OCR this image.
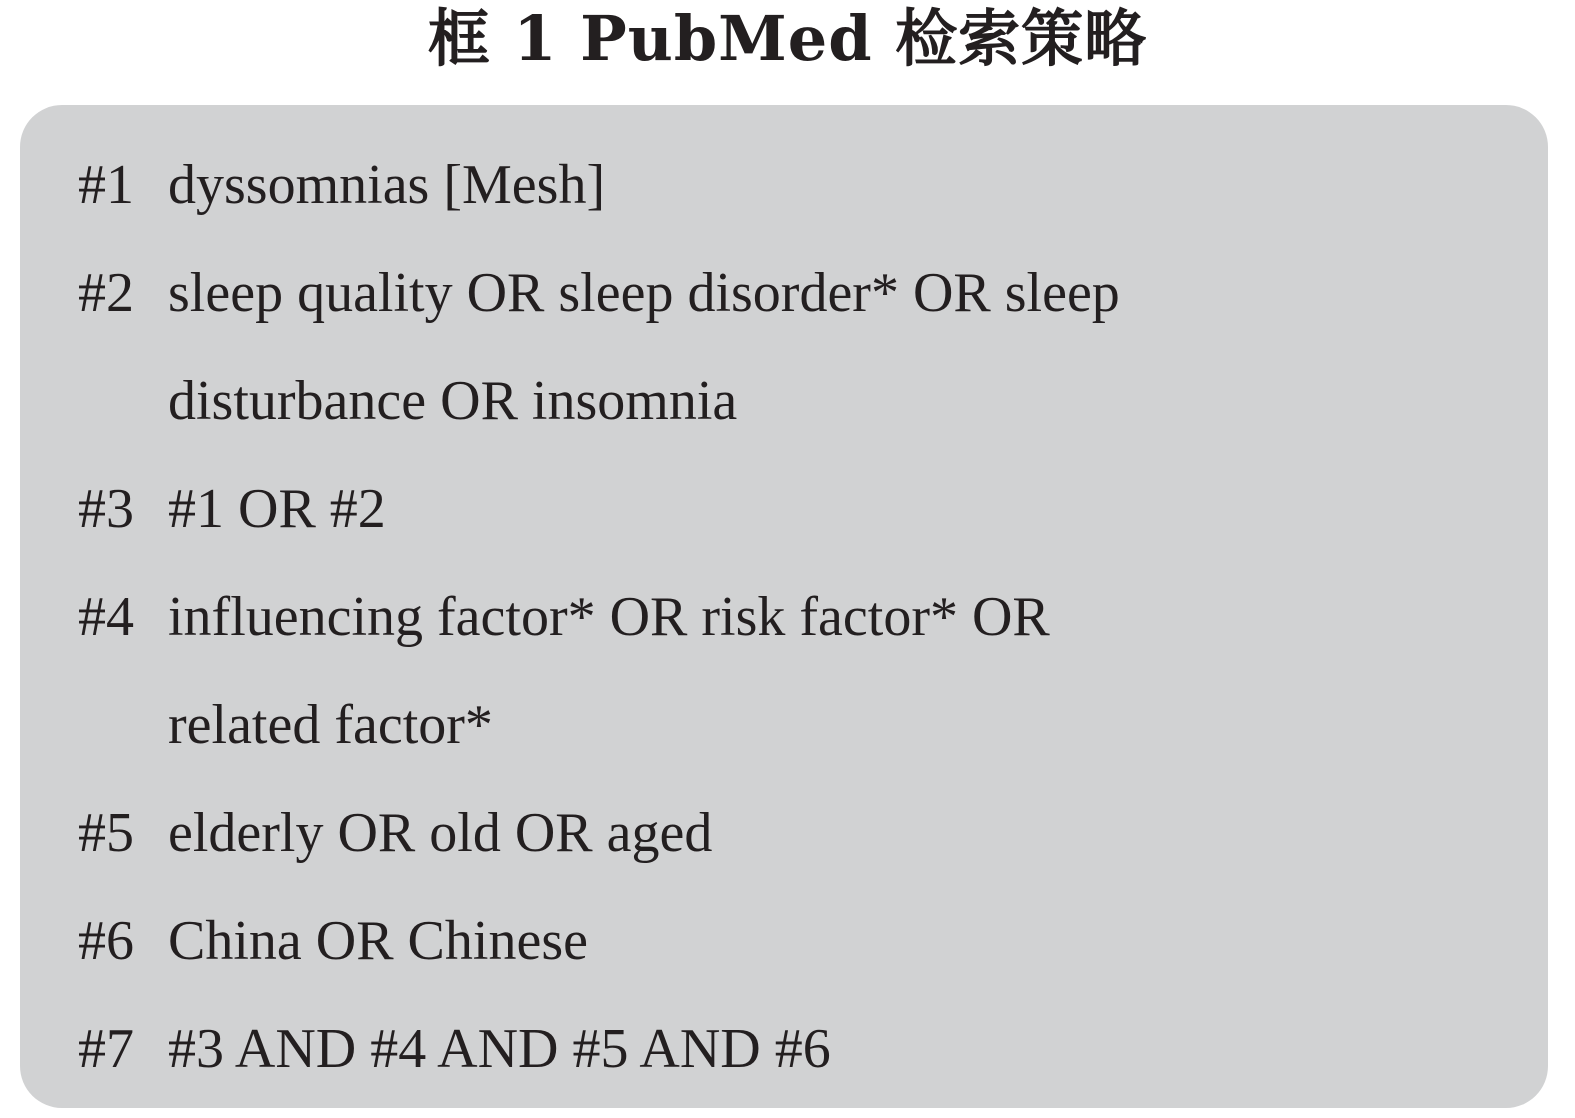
框 1 PubMed 检索策略
#1 dyssomnias [Mesh]
#2 sleep quality OR sleep disorder* OR sleep
disturbance OR insomnia
#3 #1 OR #2
#4 influencing factor* OR risk factor* OR
related factor*
#5 elderly OR old OR aged
#6 China OR Chinese
#7 #3 AND #4 AND #5 AND #6
